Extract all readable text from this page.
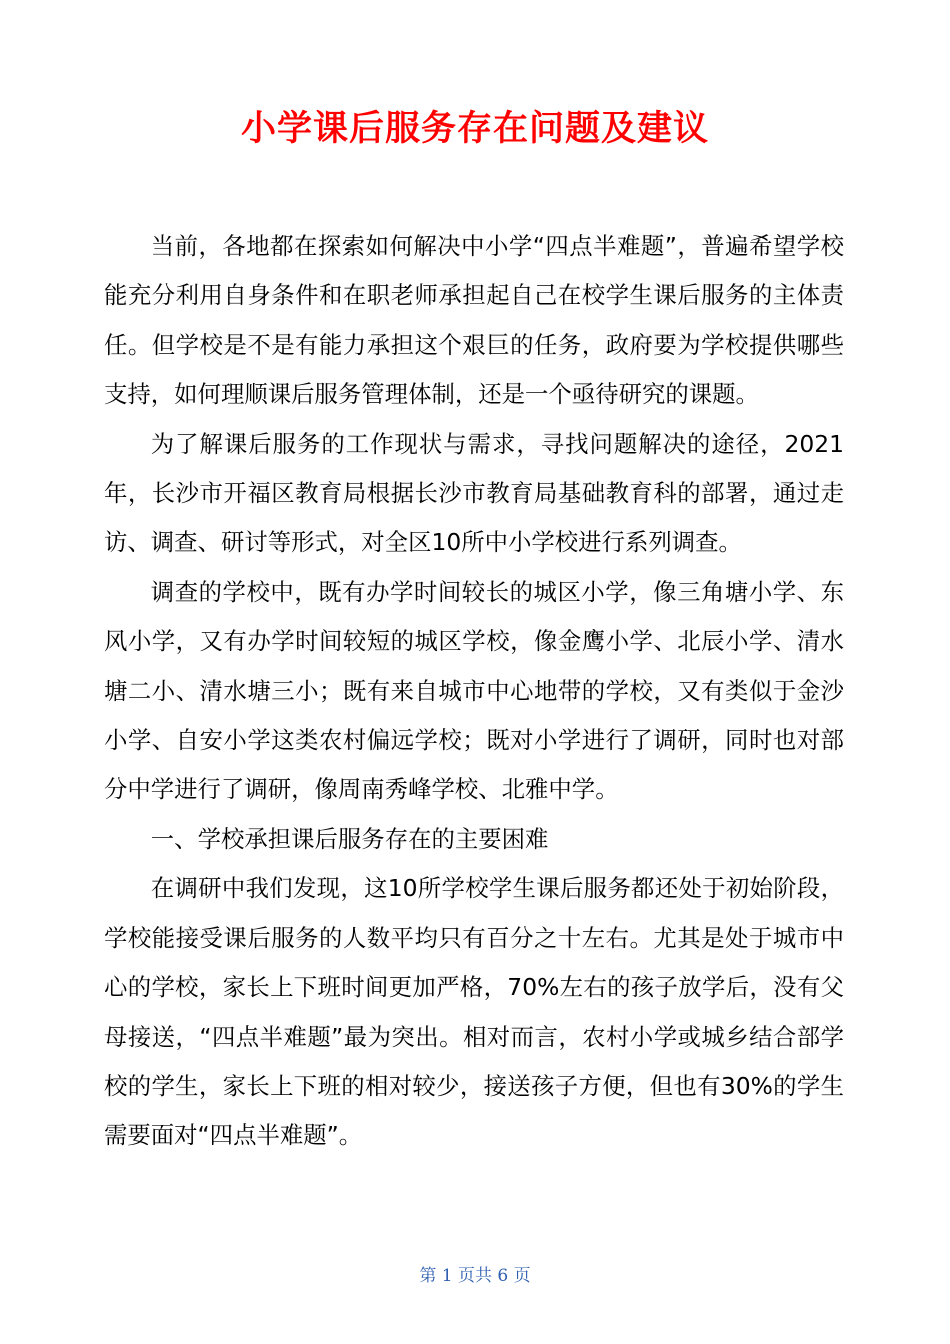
小学课后服务存在问题及建议

当前，各地都在探索如何解决中小学“四点半难题”，普遍希望学校能充分利用自身条件和在职老师承担起自己在校学生课后服务的主体责任。但学校是不是有能力承担这个艰巨的任务，政府要为学校提供哪些支持，如何理顺课后服务管理体制，还是一个亟待研究的课题。

为了解课后服务的工作现状与需求，寻找问题解决的途径，2021年，长沙市开福区教育局根据长沙市教育局基础教育科的部署，通过走访、调查、研讨等形式，对全区10所中小学校进行系列调查。

调查的学校中，既有办学时间较长的城区小学，像三角塘小学、东风小学，又有办学时间较短的城区学校，像金鹰小学、北辰小学、清水塘二小、清水塘三小；既有来自城市中心地带的学校，又有类似于金沙小学、自安小学这类农村偏远学校；既对小学进行了调研，同时也对部分中学进行了调研，像周南秀峰学校、北雅中学。

一、学校承担课后服务存在的主要困难

在调研中我们发现，这10所学校学生课后服务都还处于初始阶段，学校能接受课后服务的人数平均只有百分之十左右。尤其是处于城市中心的学校，家长上下班时间更加严格，70%左右的孩子放学后，没有父母接送，“四点半难题”最为突出。相对而言，农村小学或城乡结合部学校的学生，家长上下班的相对较少，接送孩子方便，但也有30%的学生需要面对“四点半难题”。

第 1 页共 6 页
